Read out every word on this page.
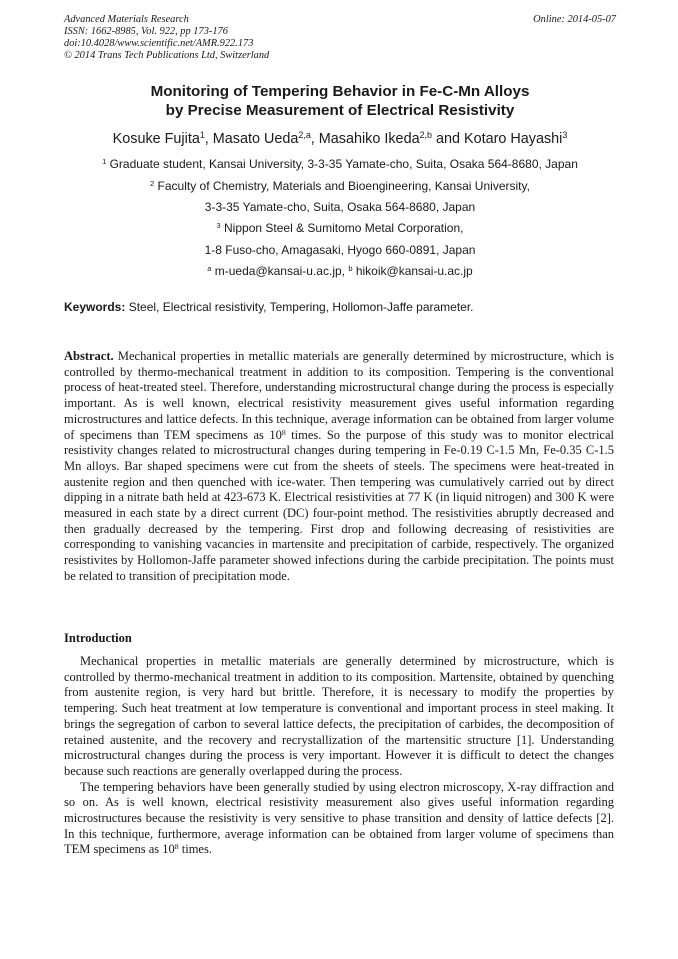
Advanced Materials Research
ISSN: 1662-8985, Vol. 922, pp 173-176
doi:10.4028/www.scientific.net/AMR.922.173
© 2014 Trans Tech Publications Ltd, Switzerland
Online: 2014-05-07
Monitoring of Tempering Behavior in Fe-C-Mn Alloys
by Precise Measurement of Electrical Resistivity
Kosuke Fujita$^1$, Masato Ueda$^{2,a}$, Masahiko Ikeda$^{2,b}$ and Kotaro Hayashi$^3$
$^1$ Graduate student, Kansai University, 3-3-35 Yamate-cho, Suita, Osaka 564-8680, Japan
$^2$ Faculty of Chemistry, Materials and Bioengineering, Kansai University,
3-3-35 Yamate-cho, Suita, Osaka 564-8680, Japan
$^3$ Nippon Steel & Sumitomo Metal Corporation,
1-8 Fuso-cho, Amagasaki, Hyogo 660-0891, Japan
$^a$ m-ueda@kansai-u.ac.jp, $^b$ hikoik@kansai-u.ac.jp
Keywords: Steel, Electrical resistivity, Tempering, Hollomon-Jaffe parameter.
Abstract. Mechanical properties in metallic materials are generally determined by microstructure, which is controlled by thermo-mechanical treatment in addition to its composition. Tempering is the conventional process of heat-treated steel. Therefore, understanding microstructural change during the process is especially important. As is well known, electrical resistivity measurement gives useful information regarding microstructures and lattice defects. In this technique, average information can be obtained from larger volume of specimens than TEM specimens as $10^8$ times. So the purpose of this study was to monitor electrical resistivity changes related to microstructural changes during tempering in Fe-0.19 C-1.5 Mn, Fe-0.35 C-1.5 Mn alloys. Bar shaped specimens were cut from the sheets of steels. The specimens were heat-treated in austenite region and then quenched with ice-water. Then tempering was cumulatively carried out by direct dipping in a nitrate bath held at 423-673 K. Electrical resistivities at 77 K (in liquid nitrogen) and 300 K were measured in each state by a direct current (DC) four-point method. The resistivities abruptly decreased and then gradually decreased by the tempering. First drop and following decreasing of resistivities are corresponding to vanishing vacancies in martensite and precipitation of carbide, respectively. The organized resistivites by Hollomon-Jaffe parameter showed infections during the carbide precipitation. The points must be related to transition of precipitation mode.
Introduction

Mechanical properties in metallic materials are generally determined by microstructure, which is controlled by thermo-mechanical treatment in addition to its composition. Martensite, obtained by quenching from austenite region, is very hard but brittle. Therefore, it is necessary to modify the properties by tempering. Such heat treatment at low temperature is conventional and important process in steel making. It brings the segregation of carbon to several lattice defects, the precipitation of carbides, the decomposition of retained austenite, and the recovery and recrystallization of the martensitic structure [1]. Understanding microstructural changes during the process is very important. However it is difficult to detect the changes because such reactions are generally overlapped during the process.

The tempering behaviors have been generally studied by using electron microscopy, X-ray diffraction and so on. As is well known, electrical resistivity measurement also gives useful information regarding microstructures because the resistivity is very sensitive to phase transition and density of lattice defects [2]. In this technique, furthermore, average information can be obtained from larger volume of specimens than TEM specimens as $10^8$ times.
